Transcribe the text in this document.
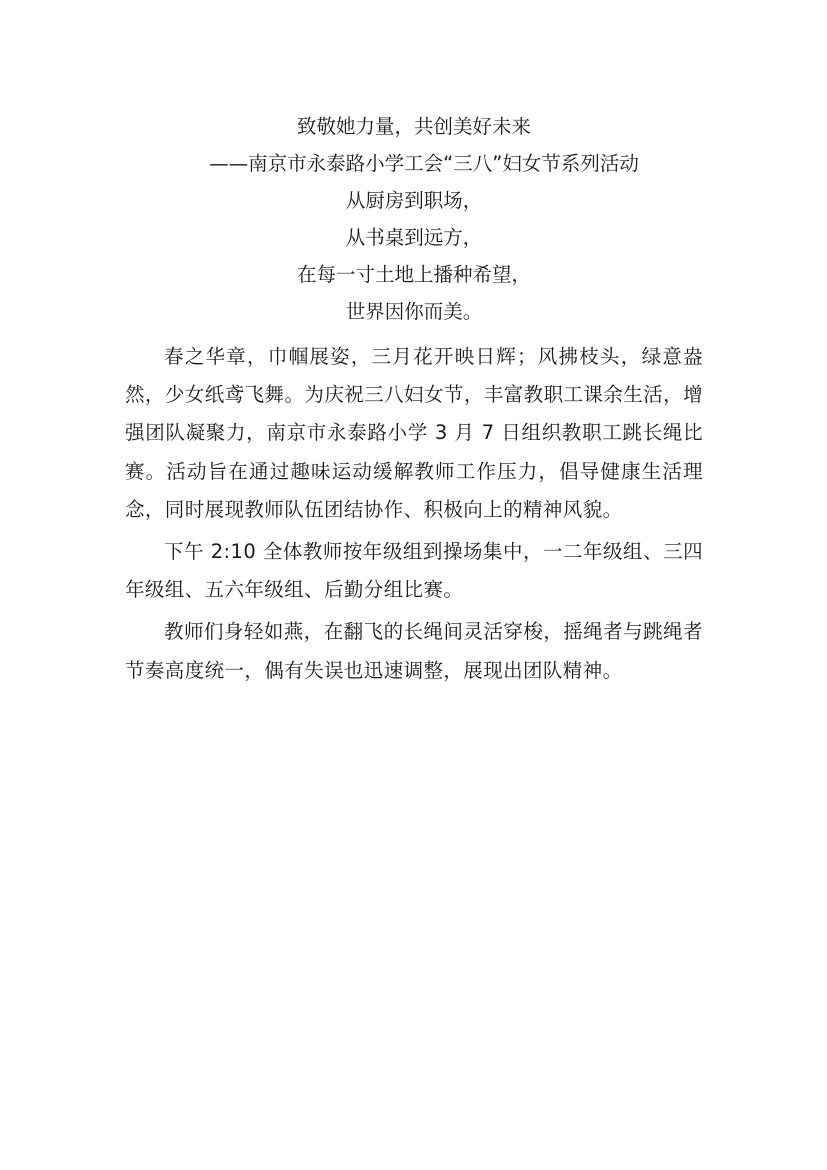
致敬她力量，共创美好未来
——南京市永泰路小学工会“三八”妇女节系列活动
从厨房到职场，
从书桌到远方，
在每一寸土地上播种希望，
世界因你而美。

春之华章，巾帼展姿，三月花开映日辉；风拂枝头，绿意盎然，少女纸鸢飞舞。为庆祝三八妇女节，丰富教职工课余生活，增强团队凝聚力，南京市永泰路小学 3 月 7 日组织教职工跳长绳比赛。活动旨在通过趣味运动缓解教师工作压力，倡导健康生活理念，同时展现教师队伍团结协作、积极向上的精神风貌。

下午 2:10 全体教师按年级组到操场集中，一二年级组、三四年级组、五六年级组、后勤分组比赛。

教师们身轻如燕，在翻飞的长绳间灵活穿梭，摇绳者与跳绳者节奏高度统一，偶有失误也迅速调整，展现出团队精神。
